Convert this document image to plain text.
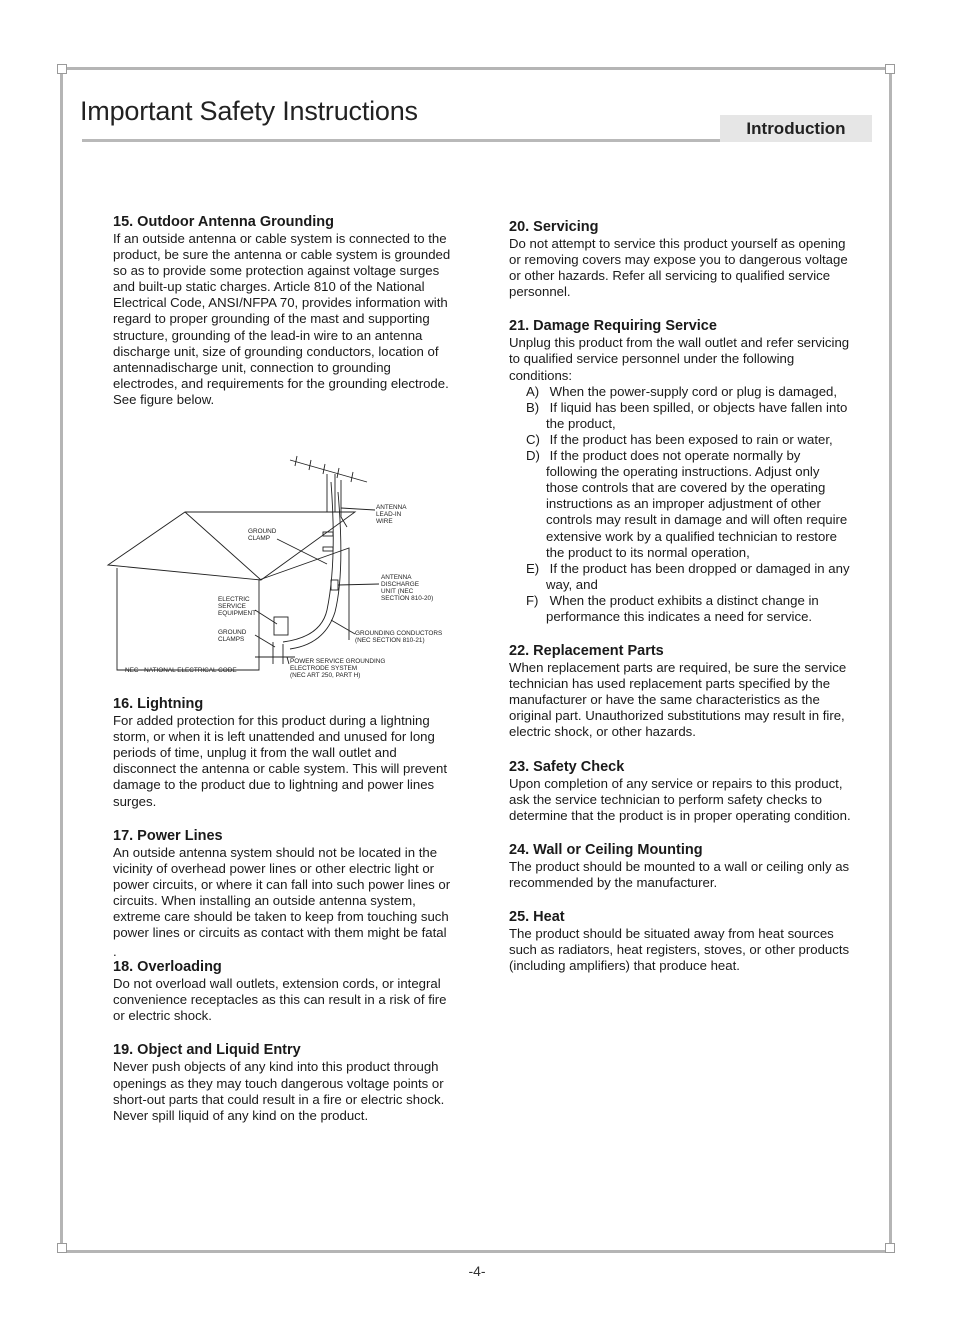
Important Safety Instructions
Introduction
15. Outdoor Antenna Grounding

If an outside antenna or cable system is connected to the product, be sure the antenna or cable system is grounded so as to provide some protection against voltage surges and built-up static charges. Article 810 of the National Electrical Code, ANSI/NFPA 70, provides information with regard to proper grounding of the mast and supporting structure, grounding of the lead-in wire to an antenna discharge unit, size of grounding conductors, location of antennadischarge unit, connection to grounding electrodes, and requirements for the grounding electrode. See figure below.

16. Lightning

For added protection for this product during a lightning storm, or when it is left unattended and unused for long periods of time, unplug it from the wall outlet and disconnect the antenna or cable system. This will prevent damage to the product due to lightning and power lines surges.

17. Power Lines

An outside antenna system should not be located in the vicinity of overhead power lines or other electric light or power circuits, or where it can fall into such power lines or circuits. When installing an outside antenna system, extreme care should be taken to keep from touching such power lines or circuits as contact with them might be fatal

.
18. Overloading

Do not overload wall outlets, extension cords, or integral convenience receptacles as this can result in a risk of fire or electric shock.

19. Object and Liquid Entry

Never push objects of any kind into this product through openings as they may touch dangerous voltage points or short-out parts that could result in a fire or electric shock. Never spill liquid of any kind on the product.

ANTENNA
LEAD-IN
WIRE
GROUND
CLAMP
ANTENNA
DISCHARGE
UNIT (NEC
SECTION 810-20)
ELECTRIC
SERVICE
EQUIPMENT
GROUND
CLAMPS
GROUNDING CONDUCTORS
(NEC SECTION 810-21)
NEC - NATIONAL ELECTRICAL CODE
POWER SERVICE GROUNDING
ELECTRODE SYSTEM
(NEC ART 250, PART H)
20. Servicing

Do not attempt to service this product yourself as opening or removing covers may expose you to dangerous voltage or other hazards. Refer all servicing to qualified service personnel.

21. Damage Requiring Service

Unplug this product from the wall outlet and refer servicing to qualified service personnel under the following conditions:

A) When the power-supply cord or plug is damaged,
B) If liquid has been spilled, or objects have fallen into the product,
C) If the product has been exposed to rain or water,
D) If the product does not operate normally by following the operating instructions. Adjust only those controls that are covered by the operating instructions as an improper adjustment of other controls may result in damage and will often require extensive work by a qualified technician to restore the product to its normal operation,
E) If the product has been dropped or damaged in any way, and
F) When the product exhibits a distinct change in performance this indicates a need for service.
22. Replacement Parts

When replacement parts are required, be sure the service technician has used replacement parts specified by the manufacturer or have the same characteristics as the original part. Unauthorized substitutions may result in fire, electric shock, or other hazards.

23. Safety Check

Upon completion of any service or repairs to this product, ask the service technician to perform safety checks to determine that the product is in proper operating condition.

24. Wall or Ceiling Mounting

The product should be mounted to a wall or ceiling only as recommended by the manufacturer.

25. Heat

The product should be situated away from heat sources such as radiators, heat registers, stoves, or other products (including amplifiers) that produce heat.

-4-
